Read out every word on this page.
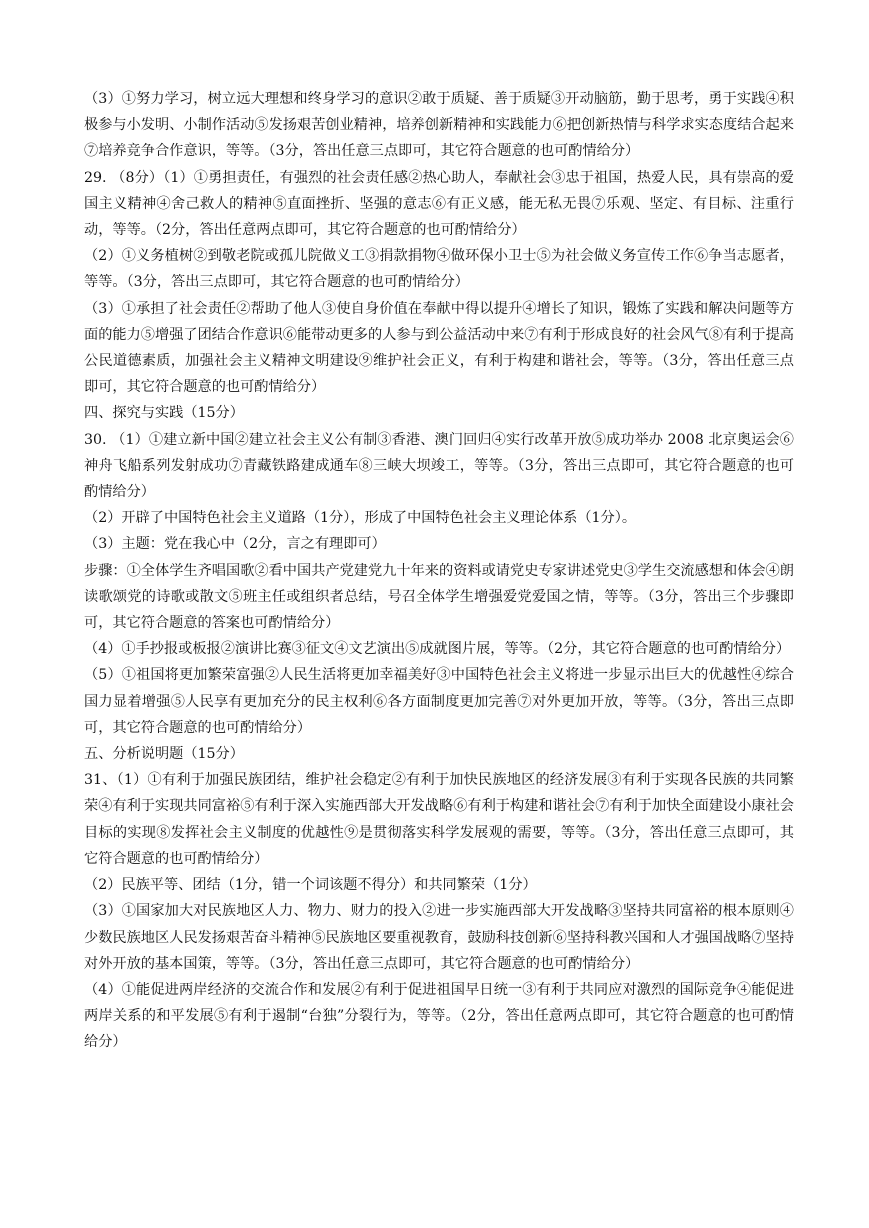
（3）①努力学习，树立远大理想和终身学习的意识②敢于质疑、善于质疑③开动脑筋，勤于思考，勇于实践④积极参与小发明、小制作活动⑤发扬艰苦创业精神，培养创新精神和实践能力⑥把创新热情与科学求实态度结合起来⑦培养竞争合作意识，等等。（3分，答出任意三点即可，其它符合题意的也可酌情给分）

29. （8分）（1）①勇担责任，有强烈的社会责任感②热心助人，奉献社会③忠于祖国，热爱人民，具有崇高的爱国主义精神④舍己救人的精神⑤直面挫折、坚强的意志⑥有正义感，能无私无畏⑦乐观、坚定、有目标、注重行动，等等。（2分，答出任意两点即可，其它符合题意的也可酌情给分）

（2）①义务植树②到敬老院或孤儿院做义工③捐款捐物④做环保小卫士⑤为社会做义务宣传工作⑥争当志愿者，等等。（3分，答出三点即可，其它符合题意的也可酌情给分）

（3）①承担了社会责任②帮助了他人③使自身价值在奉献中得以提升④增长了知识，锻炼了实践和解决问题等方面的能力⑤增强了团结合作意识⑥能带动更多的人参与到公益活动中来⑦有利于形成良好的社会风气⑧有利于提高公民道德素质，加强社会主义精神文明建设⑨维护社会正义，有利于构建和谐社会，等等。（3分，答出任意三点即可，其它符合题意的也可酌情给分）

四、探究与实践（15分）

30. （1）①建立新中国②建立社会主义公有制③香港、澳门回归④实行改革开放⑤成功举办 2008 北京奥运会⑥神舟飞船系列发射成功⑦青藏铁路建成通车⑧三峡大坝竣工，等等。（3分，答出三点即可，其它符合题意的也可酌情给分）

（2）开辟了中国特色社会主义道路（1分），形成了中国特色社会主义理论体系（1分）。

（3）主题：党在我心中（2分，言之有理即可）

步骤：①全体学生齐唱国歌②看中国共产党建党九十年来的资料或请党史专家讲述党史③学生交流感想和体会④朗读歌颂党的诗歌或散文⑤班主任或组织者总结，号召全体学生增强爱党爱国之情，等等。（3分，答出三个步骤即可，其它符合题意的答案也可酌情给分）

（4）①手抄报或板报②演讲比赛③征文④文艺演出⑤成就图片展，等等。（2分，其它符合题意的也可酌情给分）

（5）①祖国将更加繁荣富强②人民生活将更加幸福美好③中国特色社会主义将进一步显示出巨大的优越性④综合国力显着增强⑤人民享有更加充分的民主权利⑥各方面制度更加完善⑦对外更加开放，等等。（3分，答出三点即可，其它符合题意的也可酌情给分）

五、分析说明题（15分）

31、（1）①有利于加强民族团结，维护社会稳定②有利于加快民族地区的经济发展③有利于实现各民族的共同繁荣④有利于实现共同富裕⑤有利于深入实施西部大开发战略⑥有利于构建和谐社会⑦有利于加快全面建设小康社会目标的实现⑧发挥社会主义制度的优越性⑨是贯彻落实科学发展观的需要，等等。（3分，答出任意三点即可，其它符合题意的也可酌情给分）

（2）民族平等、团结（1分，错一个词该题不得分）和共同繁荣（1分）

（3）①国家加大对民族地区人力、物力、财力的投入②进一步实施西部大开发战略③坚持共同富裕的根本原则④少数民族地区人民发扬艰苦奋斗精神⑤民族地区要重视教育，鼓励科技创新⑥坚持科教兴国和人才强国战略⑦坚持对外开放的基本国策，等等。（3分，答出任意三点即可，其它符合题意的也可酌情给分）

（4）①能促进两岸经济的交流合作和发展②有利于促进祖国早日统一③有利于共同应对激烈的国际竞争④能促进两岸关系的和平发展⑤有利于遏制“台独”分裂行为，等等。（2分，答出任意两点即可，其它符合题意的也可酌情给分）
